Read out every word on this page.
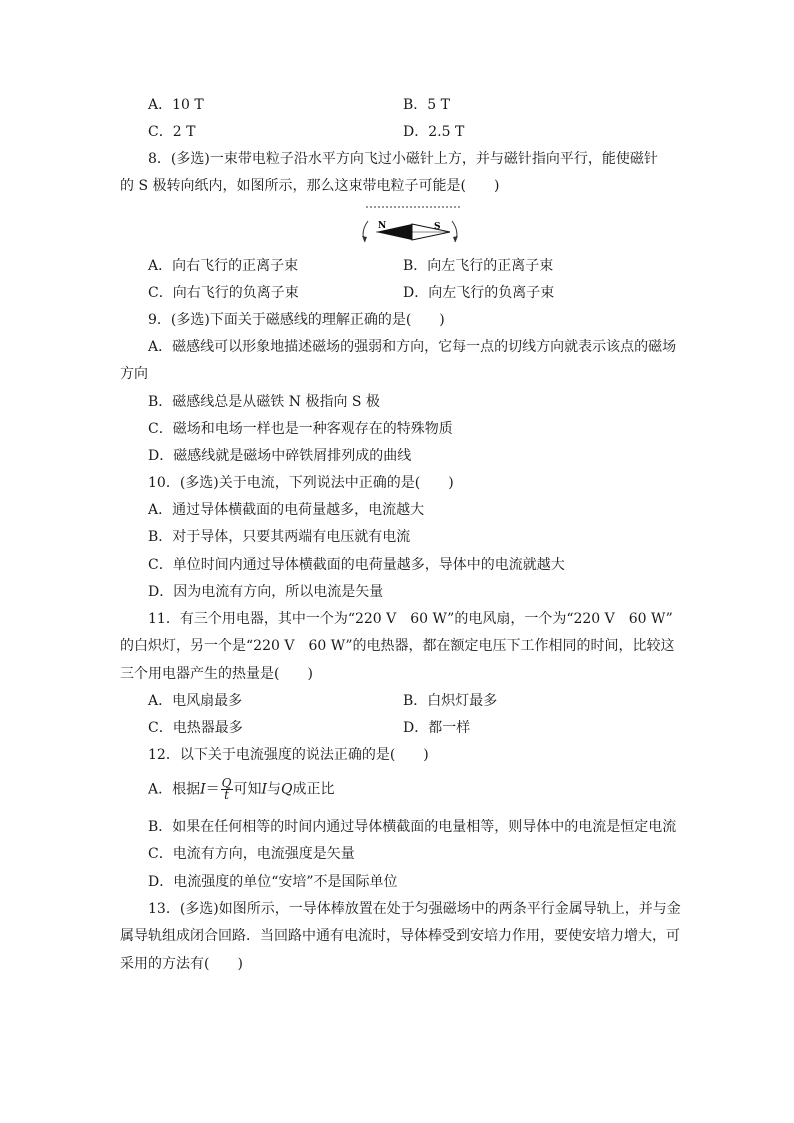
A．10 T	B．5 T
C．2 T	D．2.5 T
8．(多选)一束带电粒子沿水平方向飞过小磁针上方，并与磁针指向平行，能使磁针
的 S 极转向纸内，如图所示，那么这束带电粒子可能是(　　)
N	S
A．向右飞行的正离子束	B．向左飞行的正离子束
C．向右飞行的负离子束	D．向左飞行的负离子束
9．(多选)下面关于磁感线的理解正确的是(　　)
A．磁感线可以形象地描述磁场的强弱和方向，它每一点的切线方向就表示该点的磁场
方向
B．磁感线总是从磁铁 N 极指向 S 极
C．磁场和电场一样也是一种客观存在的特殊物质
D．磁感线就是磁场中碎铁屑排列成的曲线
10．(多选)关于电流，下列说法中正确的是(　　)
A．通过导体横截面的电荷量越多，电流越大
B．对于导体，只要其两端有电压就有电流
C．单位时间内通过导体横截面的电荷量越多，导体中的电流就越大
D．因为电流有方向，所以电流是矢量
11．有三个用电器，其中一个为“220 V　60 W”的电风扇，一个为“220 V　60 W”
的白炽灯，另一个是“220 V　60 W”的电热器，都在额定电压下工作相同的时间，比较这
三个用电器产生的热量是(　　)
A．电风扇最多	B．白炽灯最多
C．电热器最多	D．都一样
12．以下关于电流强度的说法正确的是(　　)
A．根据$I= \frac{Q}{t}$ 可知I与Q成正比
B．如果在任何相等的时间内通过导体横截面的电量相等，则导体中的电流是恒定电流
C．电流有方向，电流强度是矢量
D．电流强度的单位“安培”不是国际单位
13．(多选)如图所示，一导体棒放置在处于匀强磁场中的两条平行金属导轨上，并与金
属导轨组成闭合回路．当回路中通有电流时，导体棒受到安培力作用，要使安培力增大，可
采用的方法有(　　)
